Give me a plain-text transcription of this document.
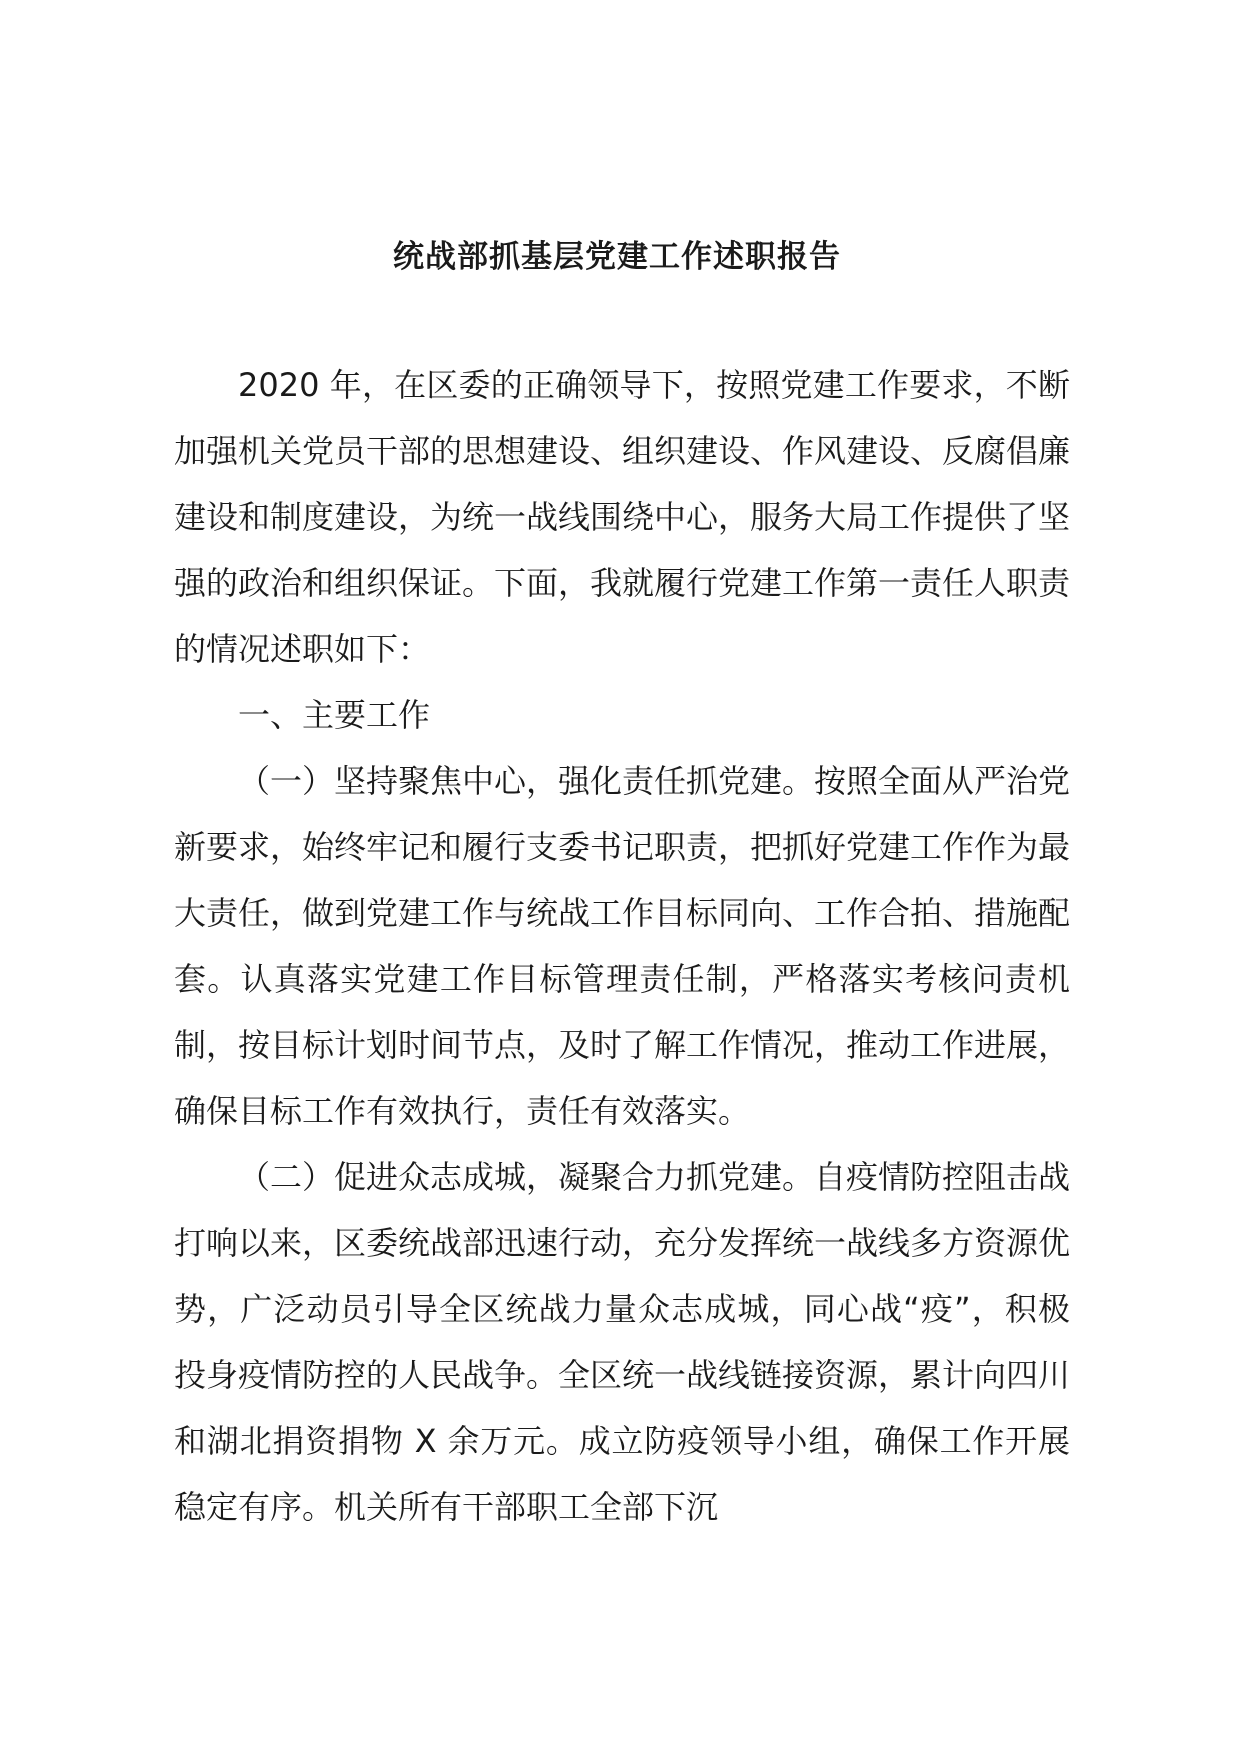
统战部抓基层党建工作述职报告

2020 年，在区委的正确领导下，按照党建工作要求，不断加强机关党员干部的思想建设、组织建设、作风建设、反腐倡廉建设和制度建设，为统一战线围绕中心，服务大局工作提供了坚强的政治和组织保证。下面，我就履行党建工作第一责任人职责的情况述职如下：

一、主要工作

（一）坚持聚焦中心，强化责任抓党建。按照全面从严治党新要求，始终牢记和履行支委书记职责，把抓好党建工作作为最大责任，做到党建工作与统战工作目标同向、工作合拍、措施配套。认真落实党建工作目标管理责任制，严格落实考核问责机制，按目标计划时间节点，及时了解工作情况，推动工作进展，确保目标工作有效执行，责任有效落实。

（二）促进众志成城，凝聚合力抓党建。自疫情防控阻击战打响以来，区委统战部迅速行动，充分发挥统一战线多方资源优势，广泛动员引导全区统战力量众志成城，同心战“疫”，积极投身疫情防控的人民战争。全区统一战线链接资源，累计向四川和湖北捐资捐物 X 余万元。成立防疫领导小组，确保工作开展稳定有序。机关所有干部职工全部下沉
